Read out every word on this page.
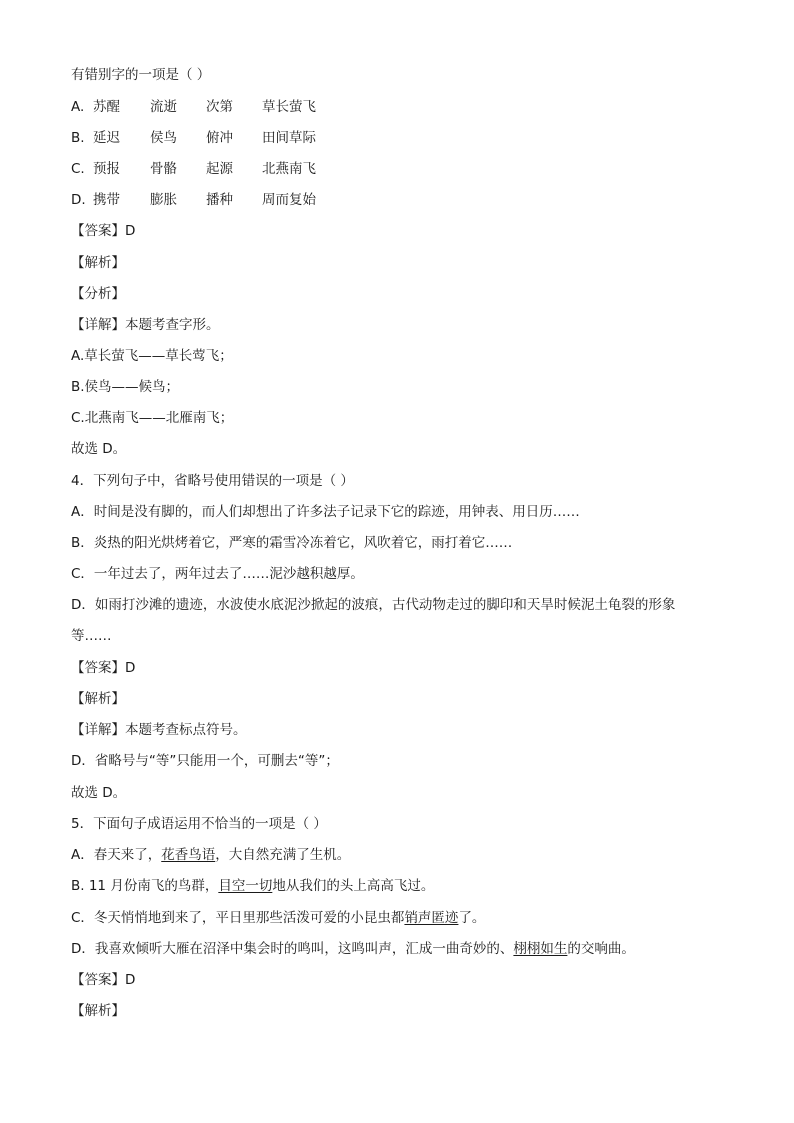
有错别字的一项是（ ）
A. 苏醒 流逝 次第 草长萤飞
B. 延迟 侯鸟 俯冲 田间草际
C. 预报 骨骼 起源 北燕南飞
D. 携带 膨胀 播种 周而复始
【答案】D
【解析】
【分析】
【详解】本题考查字形。
A.草长萤飞——草长莺飞；
B.侯鸟——候鸟；
C.北燕南飞——北雁南飞；
故选 D。
4．下列句子中，省略号使用错误的一项是（ ）
A．时间是没有脚的，而人们却想出了许多法子记录下它的踪迹，用钟表、用日历……
B．炎热的阳光烘烤着它，严寒的霜雪冷冻着它，风吹着它，雨打着它……
C．一年过去了，两年过去了……泥沙越积越厚。
D．如雨打沙滩的遗迹，水波使水底泥沙掀起的波痕，古代动物走过的脚印和天旱时候泥土龟裂的形象
等……
【答案】D
【解析】
【详解】本题考查标点符号。
D．省略号与“等”只能用一个，可删去“等”；
故选 D。
5．下面句子成语运用不恰当的一项是（ ）
A．春天来了，花香鸟语，大自然充满了生机。
B. 11 月份南飞的鸟群，目空一切地从我们的头上高高飞过。
C．冬天悄悄地到来了，平日里那些活泼可爱的小昆虫都销声匿迹了。
D．我喜欢倾听大雁在沼泽中集会时的鸣叫，这鸣叫声，汇成一曲奇妙的、栩栩如生的交响曲。
【答案】D
【解析】
